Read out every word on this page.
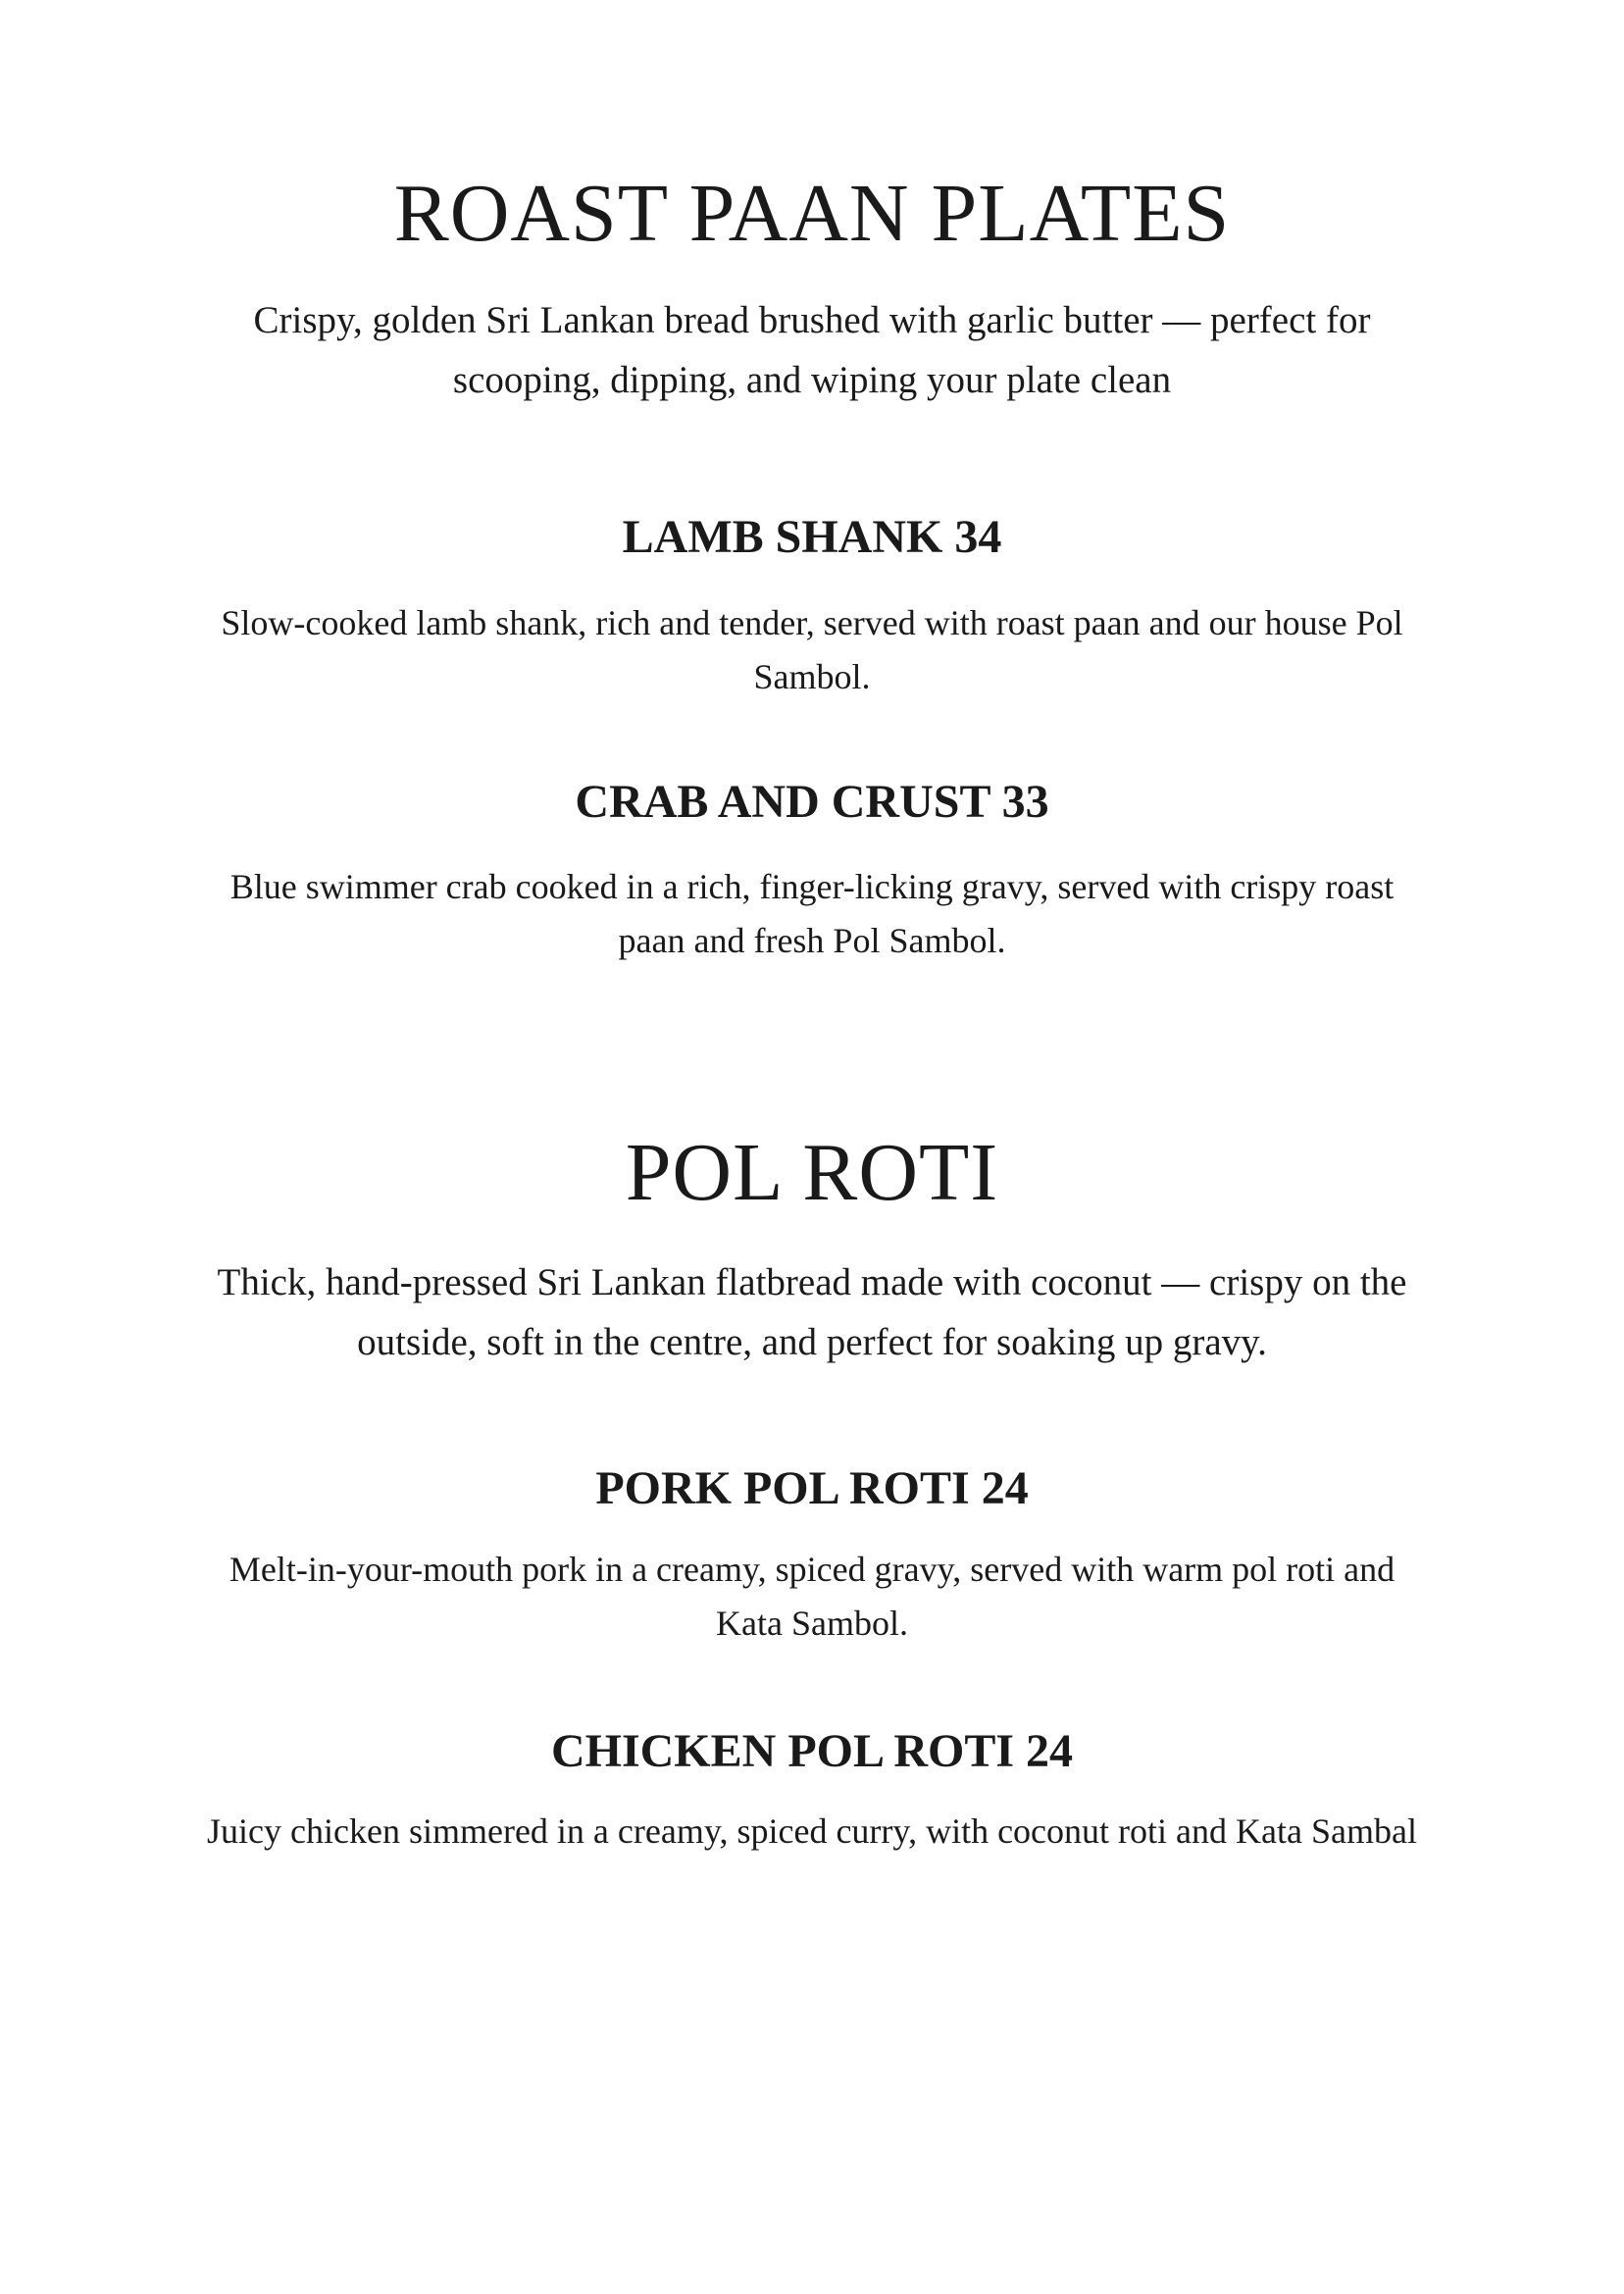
ROAST PAAN PLATES

Crispy, golden Sri Lankan bread brushed with garlic butter — perfect for scooping, dipping, and wiping your plate clean

LAMB SHANK 34

Slow-cooked lamb shank, rich and tender, served with roast paan and our house Pol Sambol.

CRAB AND CRUST 33

Blue swimmer crab cooked in a rich, finger-licking gravy, served with crispy roast paan and fresh Pol Sambol.

POL ROTI

Thick, hand-pressed Sri Lankan flatbread made with coconut — crispy on the outside, soft in the centre, and perfect for soaking up gravy.

PORK POL ROTI 24

Melt-in-your-mouth pork in a creamy, spiced gravy, served with warm pol roti and Kata Sambol.

CHICKEN POL ROTI 24

Juicy chicken simmered in a creamy, spiced curry, with coconut roti and Kata Sambal
